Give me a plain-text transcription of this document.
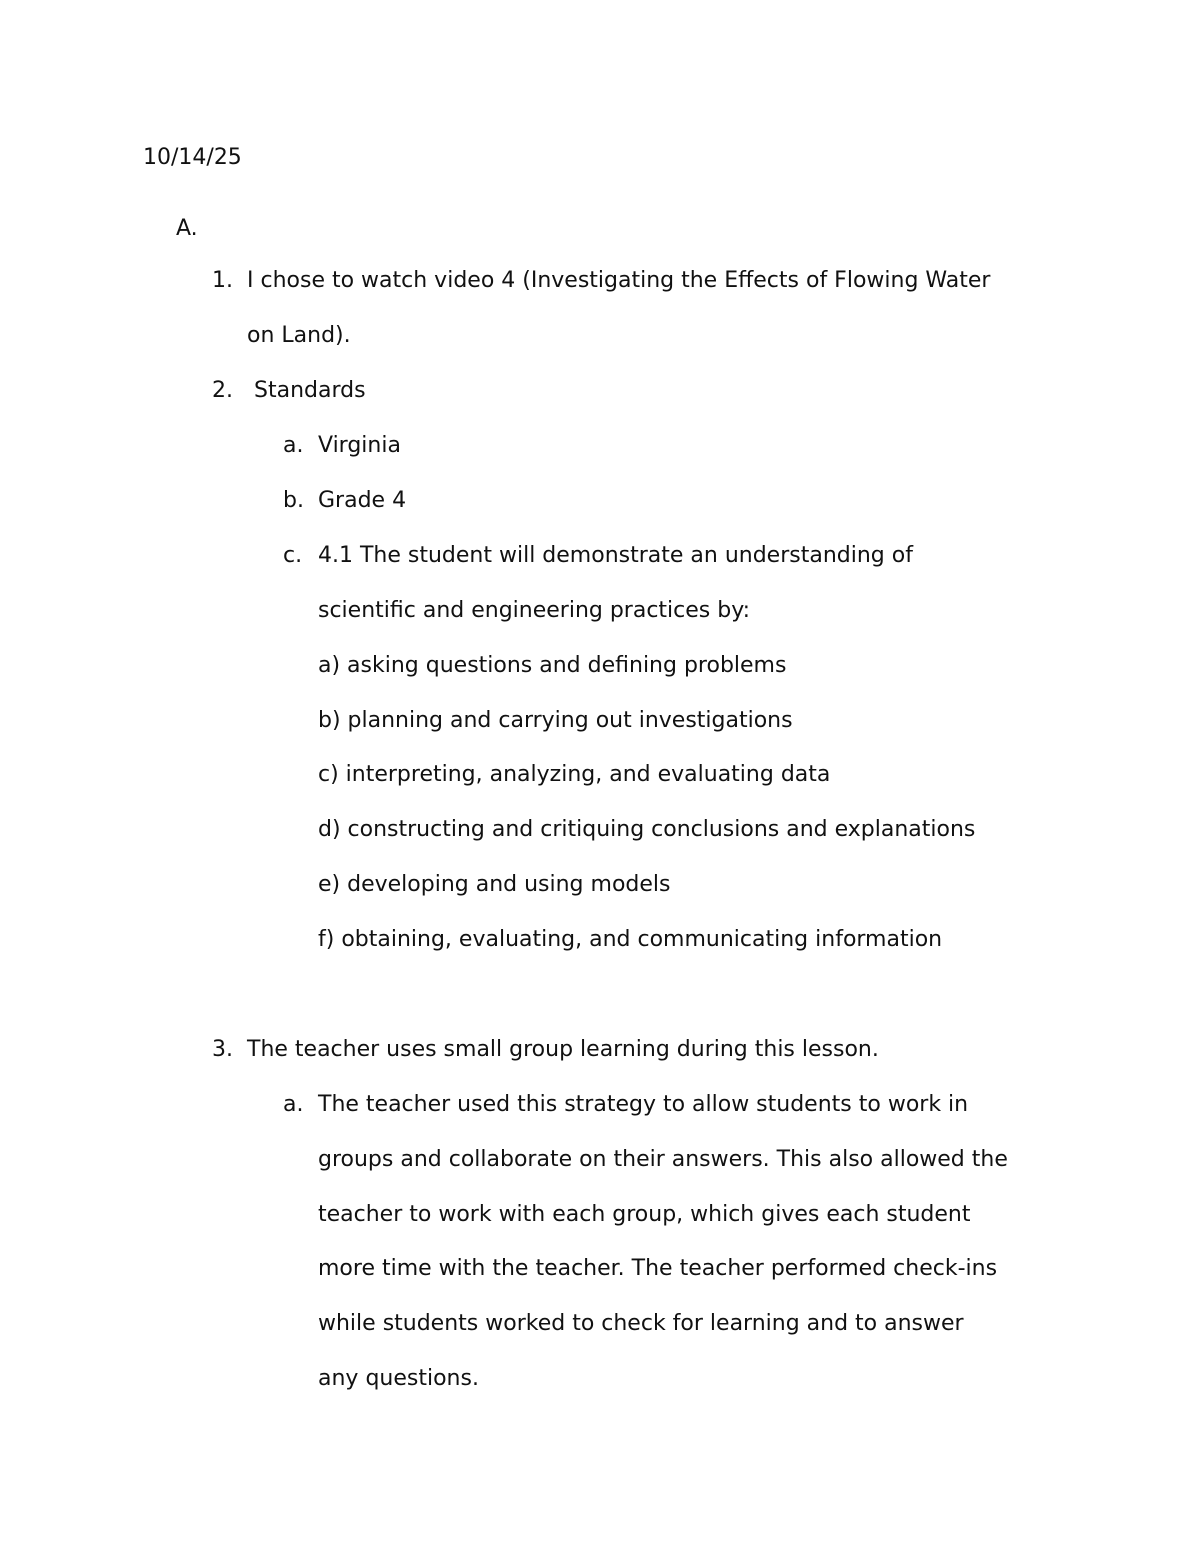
10/14/25
A.
1. I chose to watch video 4 (Investigating the Effects of Flowing Water
on Land).
2. Standards
a. Virginia
b. Grade 4
c. 4.1 The student will demonstrate an understanding of
scientific and engineering practices by:
a) asking questions and defining problems
b) planning and carrying out investigations
c) interpreting, analyzing, and evaluating data
d) constructing and critiquing conclusions and explanations
e) developing and using models
f) obtaining, evaluating, and communicating information
3. The teacher uses small group learning during this lesson.
a. The teacher used this strategy to allow students to work in
groups and collaborate on their answers. This also allowed the
teacher to work with each group, which gives each student
more time with the teacher. The teacher performed check-ins
while students worked to check for learning and to answer
any questions.
